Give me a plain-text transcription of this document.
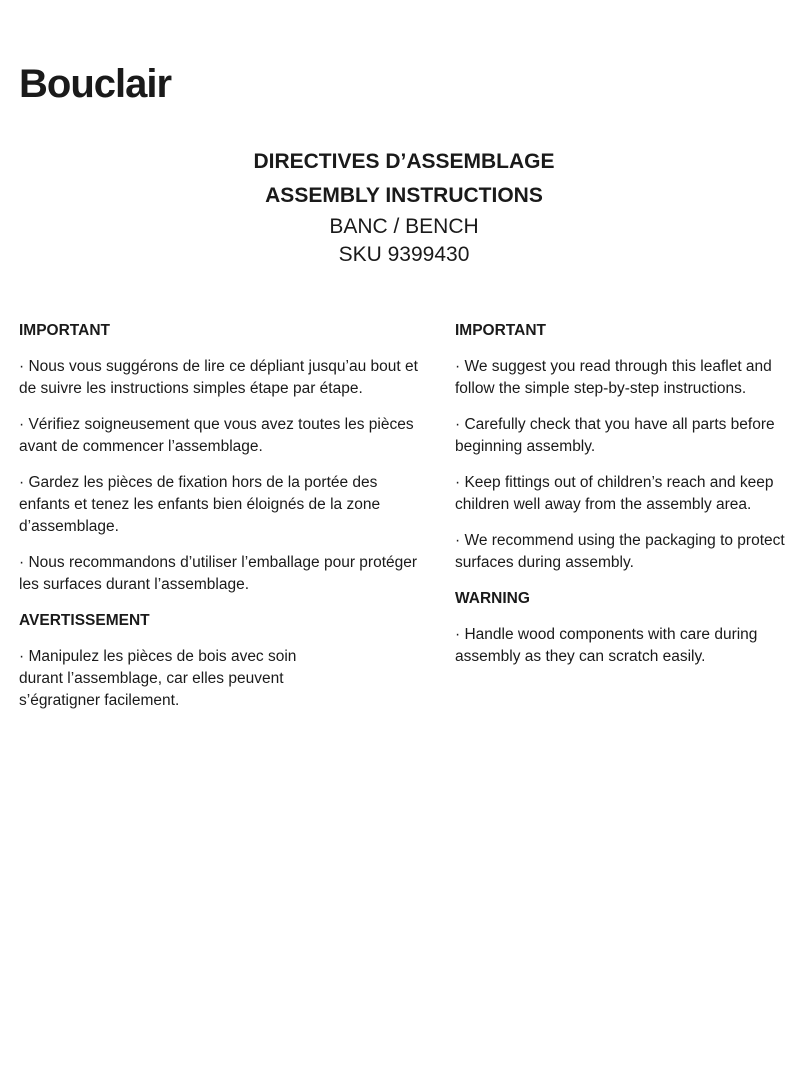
Bouclair
DIRECTIVES D’ASSEMBLAGE
ASSEMBLY INSTRUCTIONS
BANC / BENCH
SKU 9399430
IMPORTANT
· Nous vous suggérons de lire ce dépliant jusqu’au bout et de suivre les instructions simples étape par étape.
· Vérifiez soigneusement que vous avez toutes les pièces avant de commencer l’assemblage.
· Gardez les pièces de fixation hors de la portée des enfants et tenez les enfants bien éloignés de la zone d’assemblage.
· Nous recommandons d’utiliser l’emballage pour protéger les surfaces durant l’assemblage.
AVERTISSEMENT
· Manipulez les pièces de bois avec soin durant l’assemblage, car elles peuvent s’égratigner facilement.
IMPORTANT
· We suggest you read through this leaflet and follow the simple step-by-step instructions.
· Carefully check that you have all parts before beginning assembly.
· Keep fittings out of children’s reach and keep children well away from the assembly area.
· We recommend using the packaging to protect surfaces during assembly.
WARNING
· Handle wood components with care during assembly as they can scratch easily.
